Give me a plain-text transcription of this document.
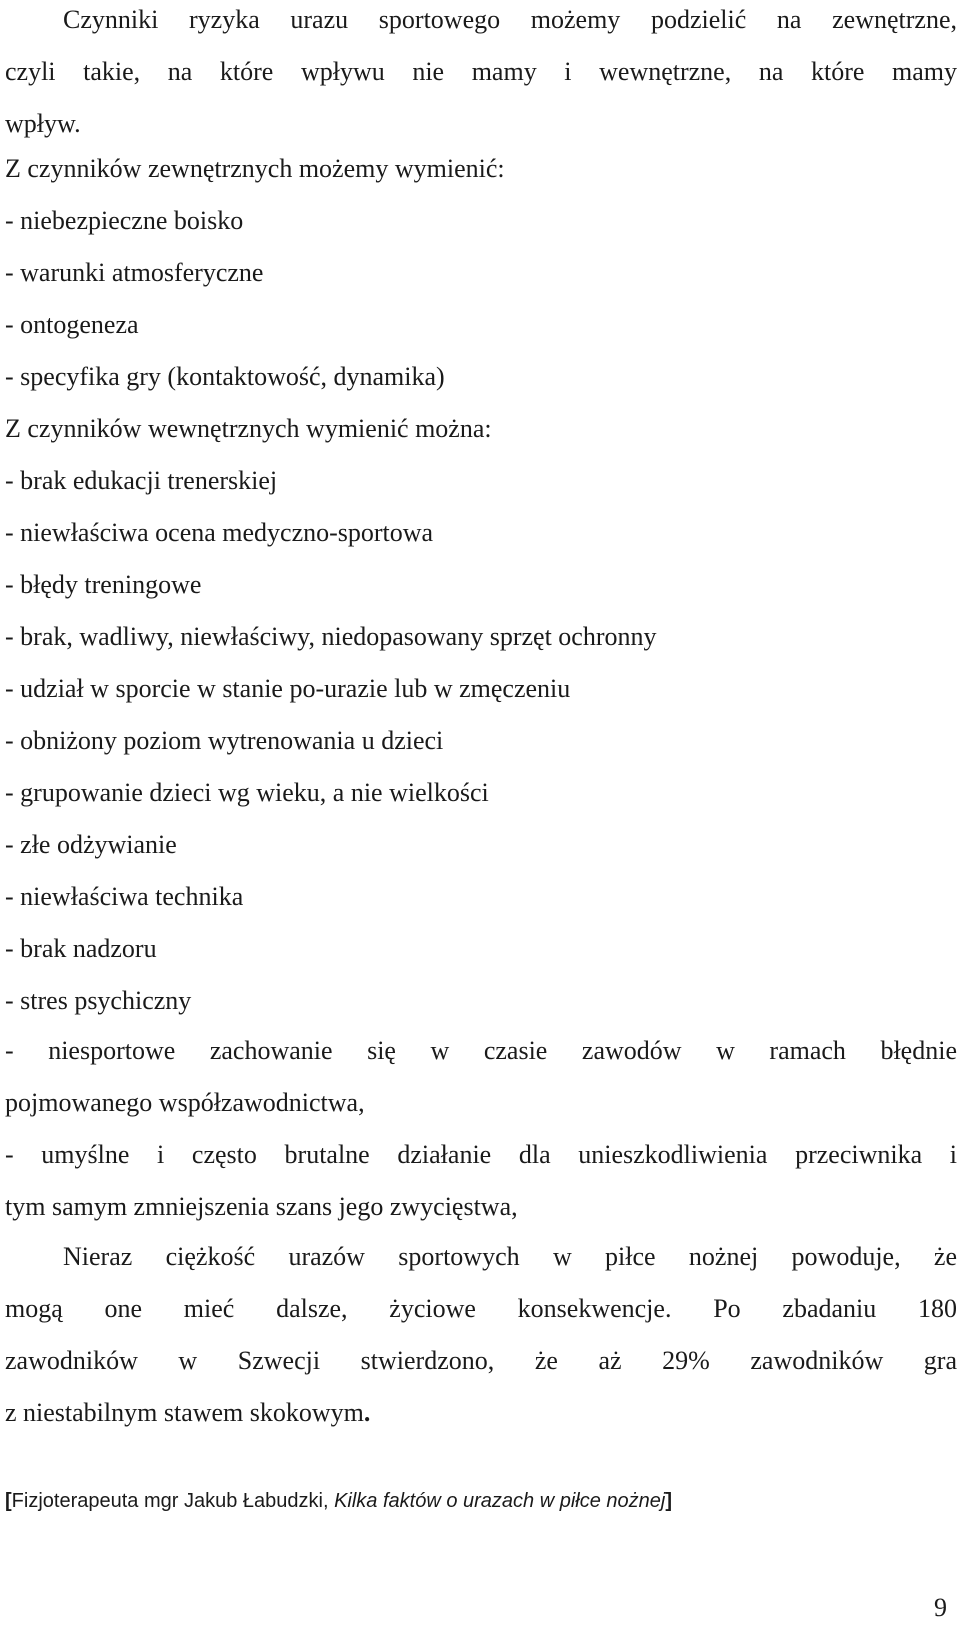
Czynniki ryzyka urazu sportowego możemy podzielić na zewnętrzne,
czyli takie, na które wpływu nie mamy i wewnętrzne, na które mamy
wpływ.
Z czynników zewnętrznych możemy wymienić:
- niebezpieczne boisko
- warunki atmosferyczne
- ontogeneza
- specyfika gry (kontaktowość, dynamika)
Z czynników wewnętrznych wymienić można:
- brak edukacji trenerskiej
- niewłaściwa ocena medyczno-sportowa
- błędy treningowe
- brak, wadliwy, niewłaściwy, niedopasowany sprzęt ochronny
- udział w sporcie w stanie po-urazie lub w zmęczeniu
- obniżony poziom wytrenowania u dzieci
- grupowanie dzieci wg wieku, a nie wielkości
- złe odżywianie
- niewłaściwa technika
- brak nadzoru
- stres psychiczny
- niesportowe zachowanie się w czasie zawodów w ramach błędnie
pojmowanego współzawodnictwa,
- umyślne i często brutalne działanie dla unieszkodliwienia przeciwnika i
tym samym zmniejszenia szans jego zwycięstwa,
Nieraz ciężkość urazów sportowych w piłce nożnej powoduje, że
mogą one mieć dalsze, życiowe konsekwencje. Po zbadaniu 180
zawodników w Szwecji stwierdzono, że aż 29% zawodników gra
z niestabilnym stawem skokowym.
[Fizjoterapeuta mgr Jakub Łabudzki, Kilka faktów o urazach w piłce nożnej]
9
